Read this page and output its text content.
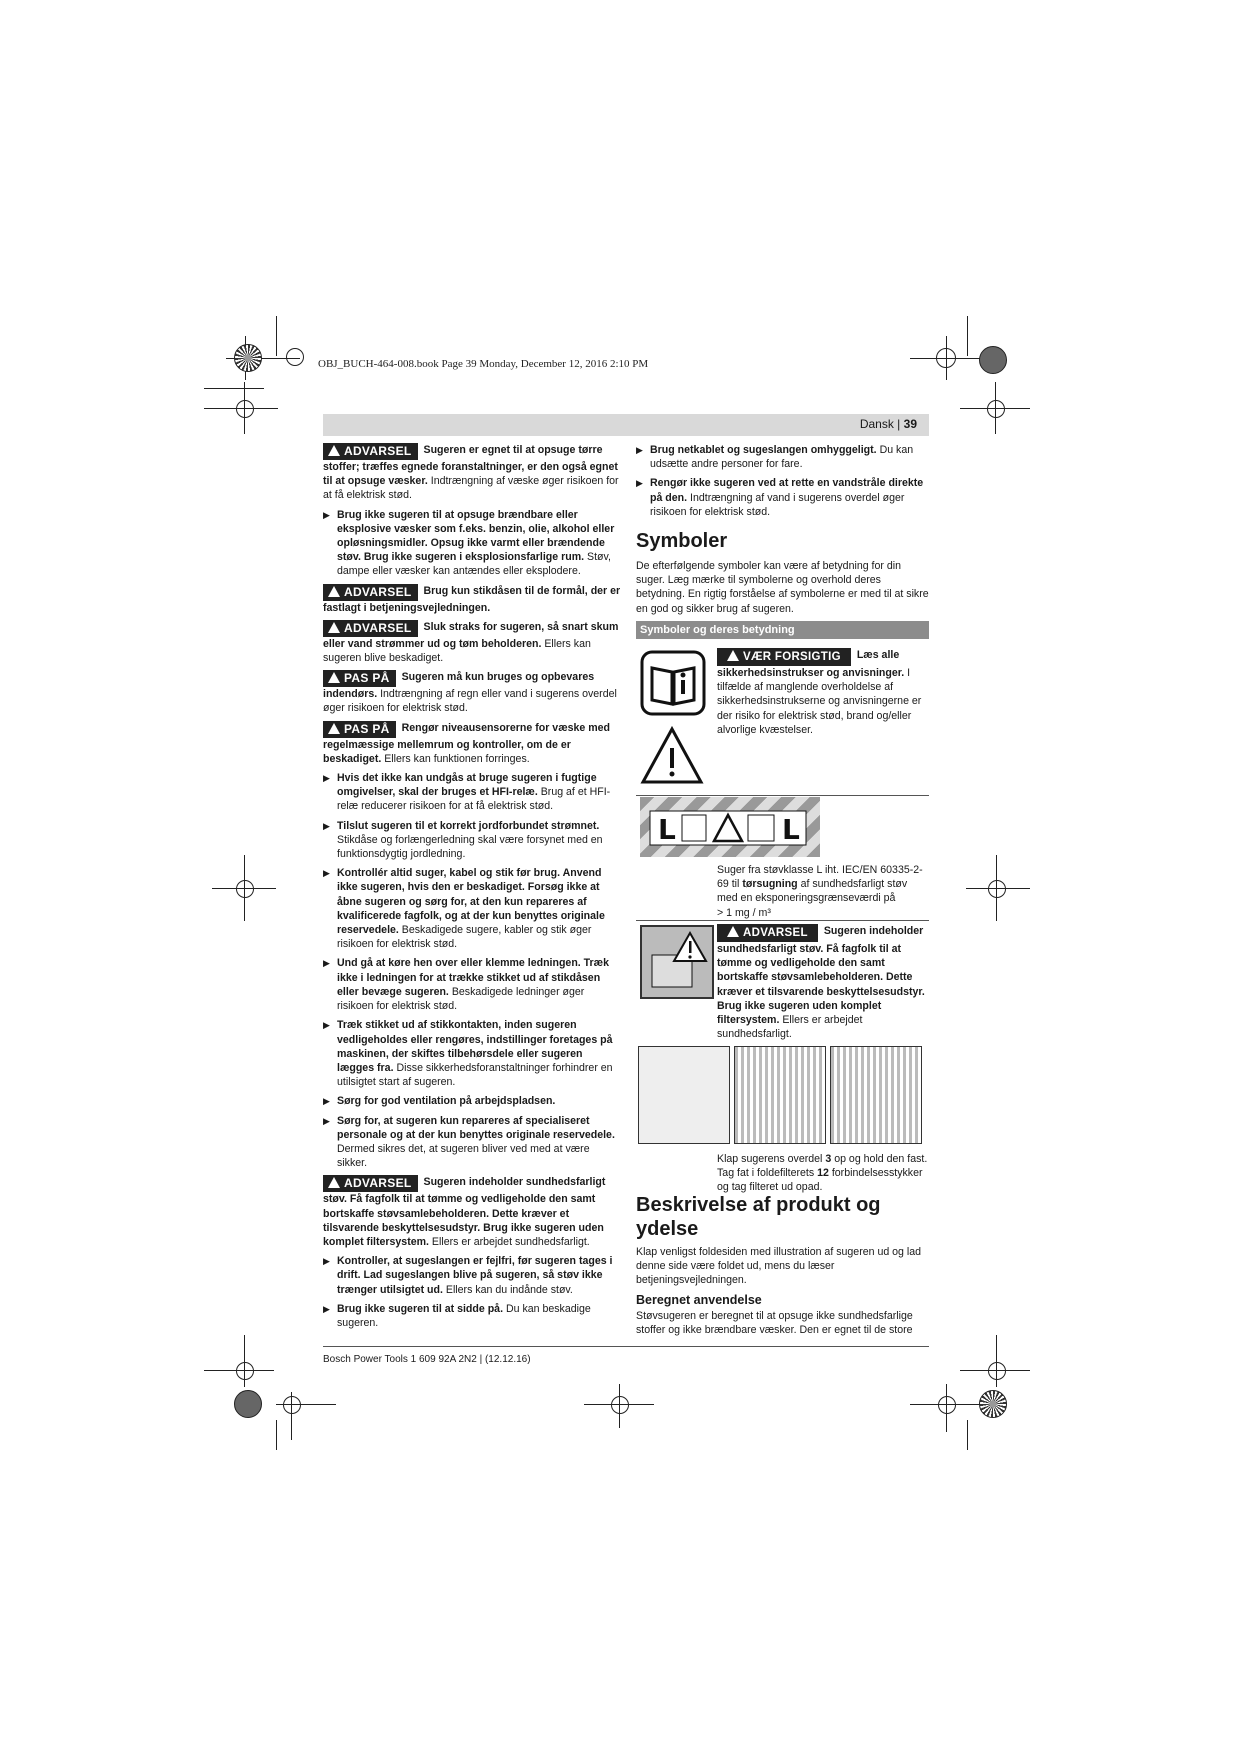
OBJ_BUCH-464-008.book Page 39 Monday, December 12, 2016 2:10 PM
Dansk | 39

ADVARSEL Sugeren er egnet til at opsuge tørre stoffer; træffes egnede foranstaltninger, er den også egnet til at opsuge væsker. Indtrængning af væske øger risikoen for at få elektrisk stød.

▶ Brug ikke sugeren til at opsuge brændbare eller eksplosive væsker som f.eks. benzin, olie, alkohol eller opløsningsmidler. Opsug ikke varmt eller brændende støv. Brug ikke sugeren i eksplosionsfarlige rum. Støv, dampe eller væsker kan antændes eller eksplodere.

ADVARSEL Brug kun stikdåsen til de formål, der er fastlagt i betjeningsvejledningen.

ADVARSEL Sluk straks for sugeren, så snart skum eller vand strømmer ud og tøm beholderen. Ellers kan sugeren blive beskadiget.

PAS PÅ Sugeren må kun bruges og opbevares indendørs. Indtrængning af regn eller vand i sugerens overdel øger risikoen for elektrisk stød.

PAS PÅ Rengør niveausensorerne for væske med regelmæssige mellemrum og kontroller, om de er beskadiget. Ellers kan funktionen forringes.

▶ Hvis det ikke kan undgås at bruge sugeren i fugtige omgivelser, skal der bruges et HFI-relæ. Brug af et HFI-relæ reducerer risikoen for at få elektrisk stød.
▶ Tilslut sugeren til et korrekt jordforbundet strømnet. Stikdåse og forlængerledning skal være forsynet med en funktionsdygtig jordledning.
▶ Kontrollér altid suger, kabel og stik før brug. Anvend ikke sugeren, hvis den er beskadiget. Forsøg ikke at åbne sugeren og sørg for, at den kun repareres af kvalificerede fagfolk, og at der kun benyttes originale reservedele. Beskadigede sugere, kabler og stik øger risikoen for elektrisk stød.
▶ Und gå at køre hen over eller klemme ledningen. Træk ikke i ledningen for at trække stikket ud af stikdåsen eller bevæge sugeren. Beskadigede ledninger øger risikoen for elektrisk stød.
▶ Træk stikket ud af stikkontakten, inden sugeren vedligeholdes eller rengøres, indstillinger foretages på maskinen, der skiftes tilbehørsdele eller sugeren lægges fra. Disse sikkerhedsforanstaltninger forhindrer en utilsigtet start af sugeren.
▶ Sørg for god ventilation på arbejdspladsen.
▶ Sørg for, at sugeren kun repareres af specialiseret personale og at der kun benyttes originale reservedele. Dermed sikres det, at sugeren bliver ved med at være sikker.

ADVARSEL Sugeren indeholder sundhedsfarligt støv. Få fagfolk til at tømme og vedligeholde den samt bortskaffe støvsamlebeholderen. Dette kræver et tilsvarende beskyttelsesudstyr. Brug ikke sugeren uden komplet filtersystem. Ellers er arbejdet sundhedsfarligt.

▶ Kontroller, at sugeslangen er fejlfri, før sugeren tages i drift. Lad sugeslangen blive på sugeren, så støv ikke trænger utilsigtet ud. Ellers kan du indånde støv.
▶ Brug ikke sugeren til at sidde på. Du kan beskadige sugeren.
▶ Brug netkablet og sugeslangen omhyggeligt. Du kan udsætte andre personer for fare.
▶ Rengør ikke sugeren ved at rette en vandstråle direkte på den. Indtrængning af vand i sugerens overdel øger risikoen for elektrisk stød.
Symboler

De efterfølgende symboler kan være af betydning for din suger. Læg mærke til symbolerne og overhold deres betydning. En rigtig forståelse af symbolerne er med til at sikre en god og sikker brug af sugeren.

Symboler og deres betydning
VÆR FORSIGTIG Læs alle sikkerhedsinstrukser og anvisninger. I tilfælde af manglende overholdelse af sikkerhedsinstrukserne og anvisningerne er der risiko for elektrisk stød, brand og/eller alvorlige kvæstelser.
L	L
Suger fra støvklasse L iht. IEC/EN 60335-2-69 til tørsugning af sundhedsfarligt støv med en eksponeringsgrænseværdi på
> 1 mg / m³
ADVARSEL Sugeren indeholder sundhedsfarligt støv. Få fagfolk til at tømme og vedligeholde den samt bortskaffe støvsamlebeholderen. Dette kræver et tilsvarende beskyttelsesudstyr. Brug ikke sugeren uden komplet filtersystem. Ellers er arbejdet sundhedsfarligt.
Klap sugerens overdel 3 op og hold den fast. Tag fat i foldefilterets 12 forbindelsesstykker og tag filteret ud opad.
Beskrivelse af produkt og ydelse

Klap venligst foldesiden med illustration af sugeren ud og lad denne side være foldet ud, mens du læser betjeningsvejledningen.

Beregnet anvendelse

Støvsugeren er beregnet til at opsuge ikke sundhedsfarlige stoffer og ikke brændbare væsker. Den er egnet til de store

Bosch Power Tools 1 609 92A 2N2 | (12.12.16)
